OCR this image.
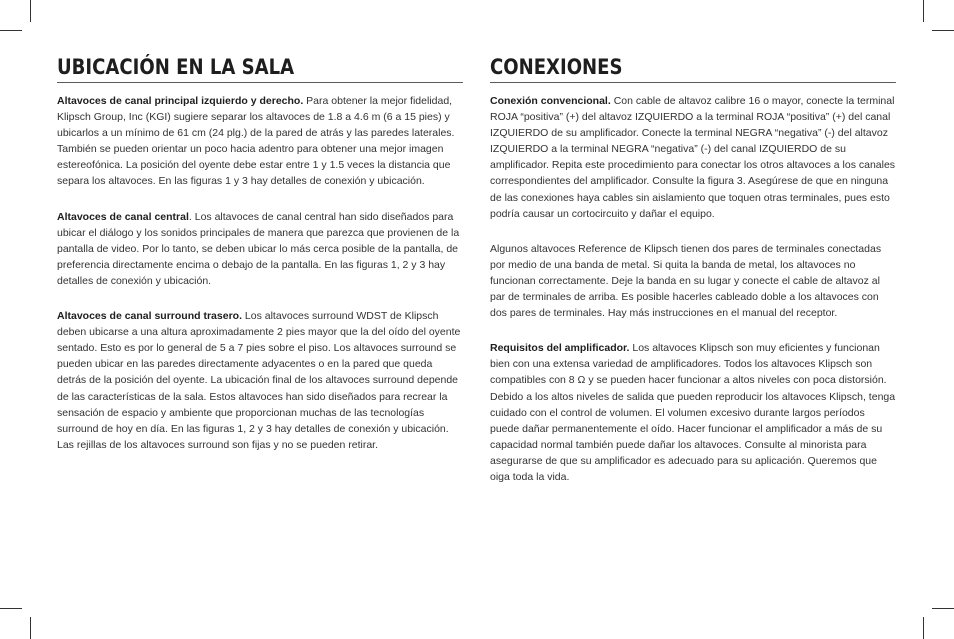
UBICACIÓN EN LA SALA

Altavoces de canal principal izquierdo y derecho. Para obtener la mejor fidelidad, Klipsch Group, Inc (KGI) sugiere separar los altavoces de 1.8 a 4.6 m (6 a 15 pies) y ubicarlos a un mínimo de 61 cm (24 plg.) de la pared de atrás y las paredes laterales. También se pueden orientar un poco hacia adentro para obtener una mejor imagen estereofónica. La posición del oyente debe estar entre 1 y 1.5 veces la distancia que separa los altavoces. En las figuras 1 y 3 hay detalles de conexión y ubicación.

Altavoces de canal central. Los altavoces de canal central han sido diseñados para ubicar el diálogo y los sonidos principales de manera que parezca que provienen de la pantalla de video. Por lo tanto, se deben ubicar lo más cerca posible de la pantalla, de preferencia directamente encima o debajo de la pantalla. En las figuras 1, 2 y 3 hay detalles de conexión y ubicación.

Altavoces de canal surround trasero. Los altavoces surround WDST de Klipsch deben ubicarse a una altura aproximadamente 2 pies mayor que la del oído del oyente sentado. Esto es por lo general de 5 a 7 pies sobre el piso. Los altavoces surround se pueden ubicar en las paredes directamente adyacentes o en la pared que queda detrás de la posición del oyente. La ubicación final de los altavoces surround depende de las características de la sala. Estos altavoces han sido diseñados para recrear la sensación de espacio y ambiente que proporcionan muchas de las tecnologías surround de hoy en día. En las figuras 1, 2 y 3 hay detalles de conexión y ubicación. Las rejillas de los altavoces surround son fijas y no se pueden retirar.

CONEXIONES

Conexión convencional. Con cable de altavoz calibre 16 o mayor, conecte la terminal ROJA “positiva” (+) del altavoz IZQUIERDO a la terminal ROJA “positiva” (+) del canal IZQUIERDO de su amplificador. Conecte la terminal NEGRA “negativa” (-) del altavoz IZQUIERDO a la terminal NEGRA “negativa” (-) del canal IZQUIERDO de su amplificador. Repita este procedimiento para conectar los otros altavoces a los canales correspondientes del amplificador. Consulte la figura 3. Asegúrese de que en ninguna de las conexiones haya cables sin aislamiento que toquen otras terminales, pues esto podría causar un cortocircuito y dañar el equipo.

Algunos altavoces Reference de Klipsch tienen dos pares de terminales conectadas por medio de una banda de metal. Si quita la banda de metal, los altavoces no funcionan correctamente. Deje la banda en su lugar y conecte el cable de altavoz al par de terminales de arriba. Es posible hacerles cableado doble a los altavoces con dos pares de terminales. Hay más instrucciones en el manual del receptor.

Requisitos del amplificador. Los altavoces Klipsch son muy eficientes y funcionan bien con una extensa variedad de amplificadores. Todos los altavoces Klipsch son compatibles con 8 Ω y se pueden hacer funcionar a altos niveles con poca distorsión. Debido a los altos niveles de salida que pueden reproducir los altavoces Klipsch, tenga cuidado con el control de volumen. El volumen excesivo durante largos períodos puede dañar permanentemente el oído. Hacer funcionar el amplificador a más de su capacidad normal también puede dañar los altavoces. Consulte al minorista para asegurarse de que su amplificador es adecuado para su aplicación. Queremos que oiga toda la vida.
